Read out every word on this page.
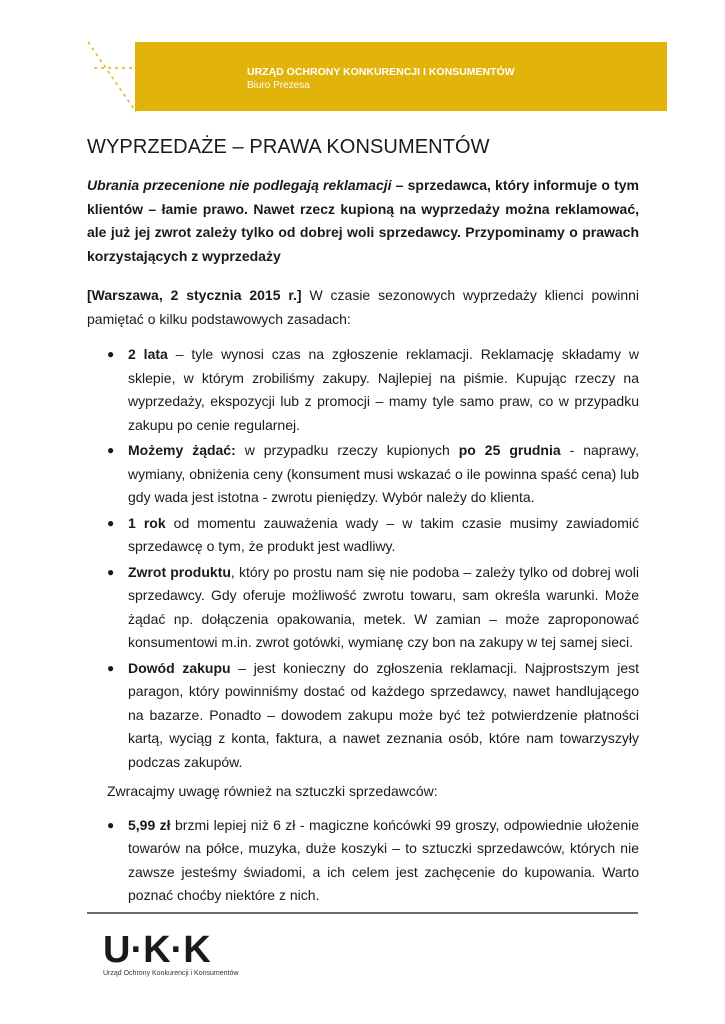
URZĄD OCHRONY KONKURENCJI I KONSUMENTÓW
Biuro Prezesa
WYPRZEDAŻE – PRAWA KONSUMENTÓW

Ubrania przecenione nie podlegają reklamacji – sprzedawca, który informuje o tym klientów – łamie prawo. Nawet rzecz kupioną na wyprzedaży można reklamować, ale już jej zwrot zależy tylko od dobrej woli sprzedawcy. Przypominamy o prawach korzystających z wyprzedaży

[Warszawa, 2 stycznia 2015 r.] W czasie sezonowych wyprzedaży klienci powinni pamiętać o kilku podstawowych zasadach:

● 2 lata – tyle wynosi czas na zgłoszenie reklamacji. Reklamację składamy w sklepie, w którym zrobiliśmy zakupy. Najlepiej na piśmie. Kupując rzeczy na wyprzedaży, ekspozycji lub z promocji – mamy tyle samo praw, co w przypadku zakupu po cenie regularnej.
● Możemy żądać: w przypadku rzeczy kupionych po 25 grudnia - naprawy, wymiany, obniżenia ceny (konsument musi wskazać o ile powinna spaść cena) lub gdy wada jest istotna - zwrotu pieniędzy. Wybór należy do klienta.
● 1 rok od momentu zauważenia wady – w takim czasie musimy zawiadomić sprzedawcę o tym, że produkt jest wadliwy.
● Zwrot produktu, który po prostu nam się nie podoba – zależy tylko od dobrej woli sprzedawcy. Gdy oferuje możliwość zwrotu towaru, sam określa warunki. Może żądać np. dołączenia opakowania, metek. W zamian – może zaproponować konsumentowi m.in. zwrot gotówki, wymianę czy bon na zakupy w tej samej sieci.
● Dowód zakupu – jest konieczny do zgłoszenia reklamacji. Najprostszym jest paragon, który powinniśmy dostać od każdego sprzedawcy, nawet handlującego na bazarze. Ponadto – dowodem zakupu może być też potwierdzenie płatności kartą, wyciąg z konta, faktura, a nawet zeznania osób, które nam towarzyszyły podczas zakupów.

Zwracajmy uwagę również na sztuczki sprzedawców:

● 5,99 zł brzmi lepiej niż 6 zł - magiczne końcówki 99 groszy, odpowiednie ułożenie towarów na półce, muzyka, duże koszyki – to sztuczki sprzedawców, których nie zawsze jesteśmy świadomi, a ich celem jest zachęcenie do kupowania. Warto poznać choćby niektóre z nich.
U·K·K
Urząd Ochrony Konkurencji i Konsumentów
